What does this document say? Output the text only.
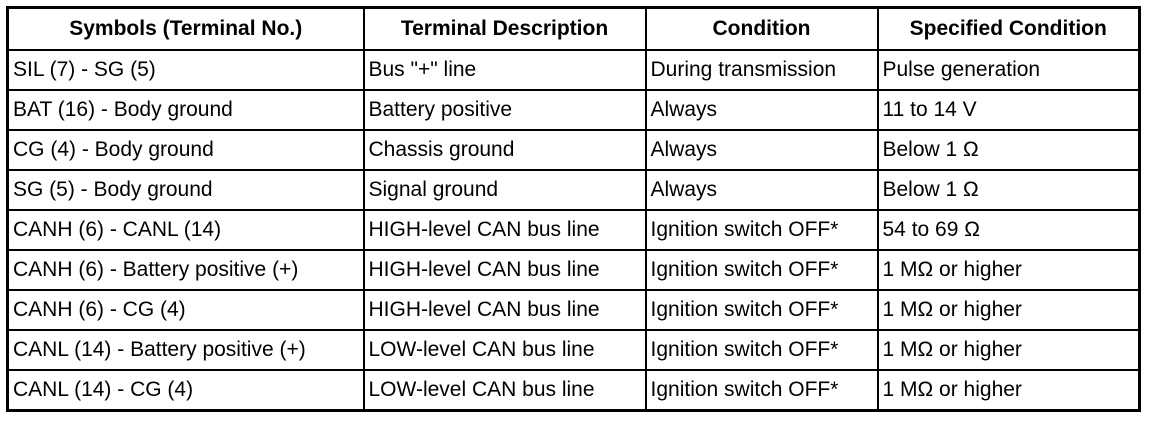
Symbols (Terminal No.)	Terminal Description	Condition	Specified Condition
SIL (7) - SG (5)	Bus "+" line	During transmission	Pulse generation
BAT (16) - Body ground	Battery positive	Always	11 to 14 V
CG (4) - Body ground	Chassis ground	Always	Below 1 Ω
SG (5) - Body ground	Signal ground	Always	Below 1 Ω
CANH (6) - CANL (14)	HIGH-level CAN bus line	Ignition switch OFF*	54 to 69 Ω
CANH (6) - Battery positive (+)	HIGH-level CAN bus line	Ignition switch OFF*	1 MΩ or higher
CANH (6) - CG (4)	HIGH-level CAN bus line	Ignition switch OFF*	1 MΩ or higher
CANL (14) - Battery positive (+)	LOW-level CAN bus line	Ignition switch OFF*	1 MΩ or higher
CANL (14) - CG (4)	LOW-level CAN bus line	Ignition switch OFF*	1 MΩ or higher
